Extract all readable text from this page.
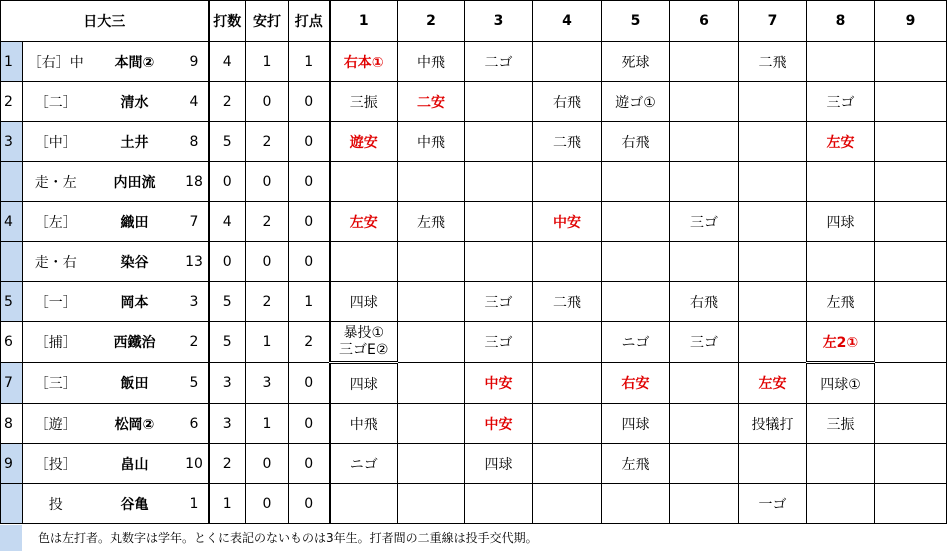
日大三				打数	安打	打点	1	2	3	4	5	6	7	8	9
1	［右］中	本間②	9	4	1	1	右本①	中飛	二ゴ		死球		二飛		
2	［二］	清水	4	2	0	0	三振	二安		右飛	遊ゴ①			三ゴ	
3	［中］	土井	8	5	2	0	遊安	中飛		二飛	右飛			左安	
	走・左	内田流	18	0	0	0									
4	［左］	織田	7	4	2	0	左安	左飛		中安		三ゴ		四球	
	走・右	染谷	13	0	0	0									
5	［一］	岡本	3	5	2	1	四球		三ゴ	二飛		右飛		左飛	
6	［捕］	西鐵治	2	5	1	2	暴投①
三ゴE②		三ゴ		ニゴ	三ゴ		左2①	
7	［三］	飯田	5	3	3	0	四球		中安		右安		左安	四球①	
8	［遊］	松岡②	6	3	1	0	中飛		中安		四球		投犠打	三振	
9	［投］	畠山	10	2	0	0	ニゴ		四球		左飛				
	投	谷亀	1	1	0	0							一ゴ		
色は左打者。丸数字は学年。とくに表記のないものは3年生。打者間の二重線は投手交代期。
